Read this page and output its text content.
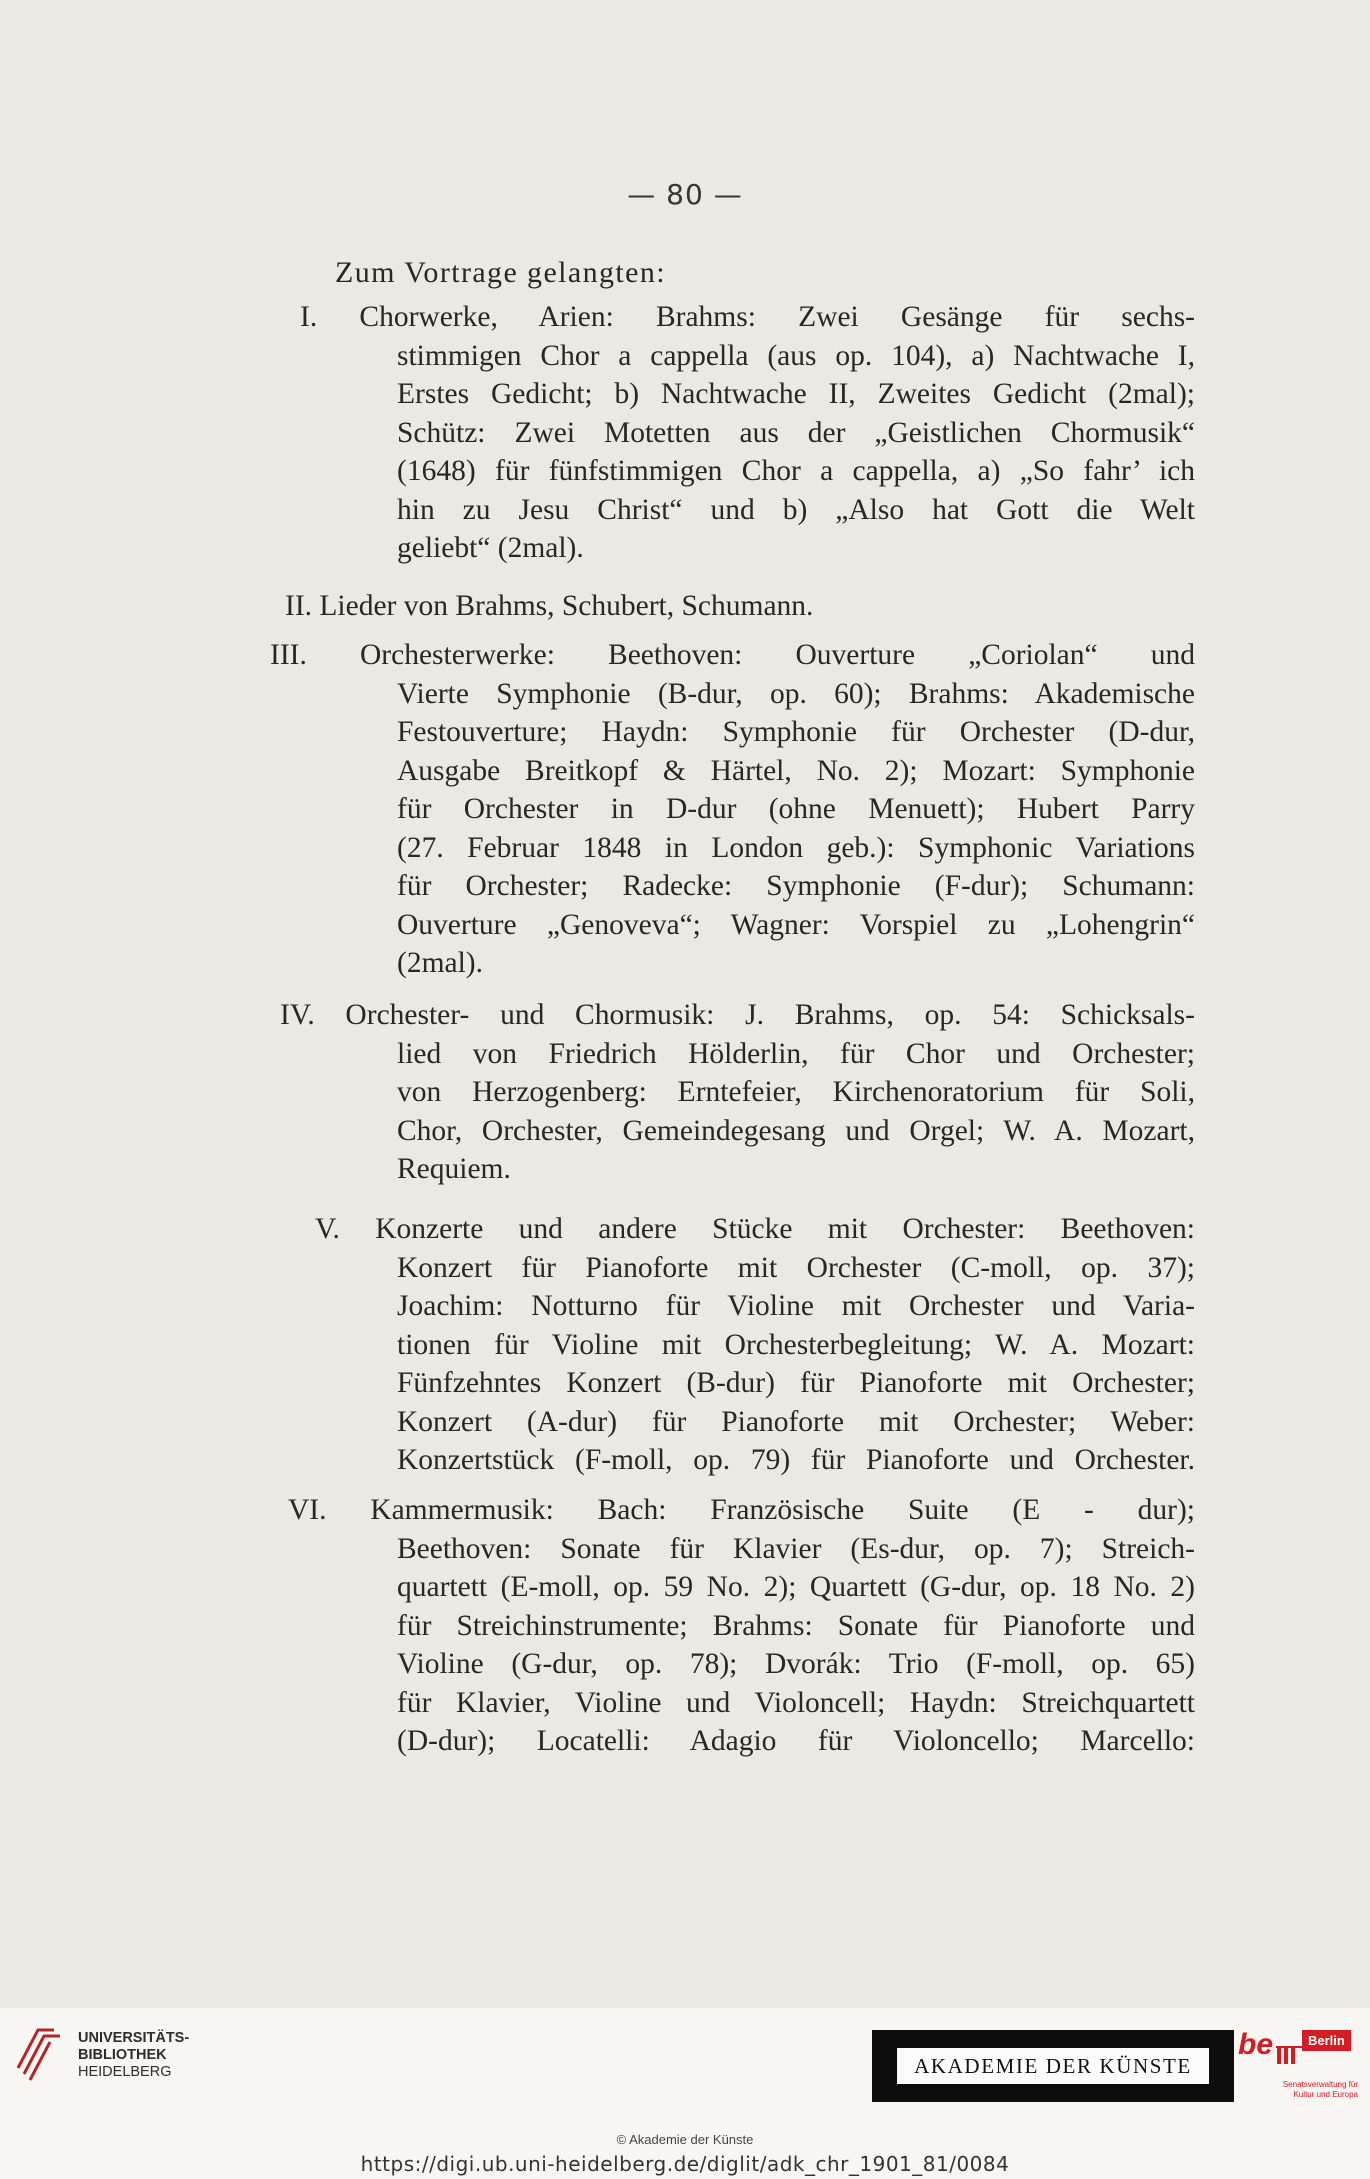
— 80 —
Zum Vortrage gelangten:
I. Chorwerke, Arien: Brahms: Zwei Gesänge für sechs-
stimmigen Chor a cappella (aus op. 104), a) Nachtwache I,
Erstes Gedicht; b) Nachtwache II, Zweites Gedicht (2mal);
Schütz: Zwei Motetten aus der „Geistlichen Chormusik“
(1648) für fünfstimmigen Chor a cappella, a) „So fahr’ ich
hin zu Jesu Christ“ und b) „Also hat Gott die Welt
geliebt“ (2mal).
II. Lieder von Brahms, Schubert, Schumann.
III. Orchesterwerke: Beethoven: Ouverture „Coriolan“ und
Vierte Symphonie (B-dur, op. 60); Brahms: Akademische
Festouverture; Haydn: Symphonie für Orchester (D-dur,
Ausgabe Breitkopf & Härtel, No. 2); Mozart: Symphonie
für Orchester in D-dur (ohne Menuett); Hubert Parry
(27. Februar 1848 in London geb.): Symphonic Variations
für Orchester; Radecke: Symphonie (F-dur); Schumann:
Ouverture „Genoveva“; Wagner: Vorspiel zu „Lohengrin“
(2mal).
IV. Orchester- und Chormusik: J. Brahms, op. 54: Schicksals-
lied von Friedrich Hölderlin, für Chor und Orchester;
von Herzogenberg: Erntefeier, Kirchenoratorium für Soli,
Chor, Orchester, Gemeindegesang und Orgel; W. A. Mozart,
Requiem.
V. Konzerte und andere Stücke mit Orchester: Beethoven:
Konzert für Pianoforte mit Orchester (C-moll, op. 37);
Joachim: Notturno für Violine mit Orchester und Varia-
tionen für Violine mit Orchesterbegleitung; W. A. Mozart:
Fünfzehntes Konzert (B-dur) für Pianoforte mit Orchester;
Konzert (A-dur) für Pianoforte mit Orchester; Weber:
Konzertstück (F-moll, op. 79) für Pianoforte und Orchester.
VI. Kammermusik: Bach: Französische Suite (E - dur);
Beethoven: Sonate für Klavier (Es-dur, op. 7); Streich-
quartett (E-moll, op. 59 No. 2); Quartett (G-dur, op. 18 No. 2)
für Streichinstrumente; Brahms: Sonate für Pianoforte und
Violine (G-dur, op. 78); Dvorák: Trio (F-moll, op. 65)
für Klavier, Violine und Violoncell; Haydn: Streichquartett
(D-dur); Locatelli: Adagio für Violoncello; Marcello:
UNIVERSITÄTS-
BIBLIOTHEK
HEIDELBERG	AKADEMIE DER KÜNSTE
be	Berlin
Senatsverwaltung für Kultur und Europa
© Akademie der Künste
https://digi.ub.uni-heidelberg.de/diglit/adk_chr_1901_81/0084
